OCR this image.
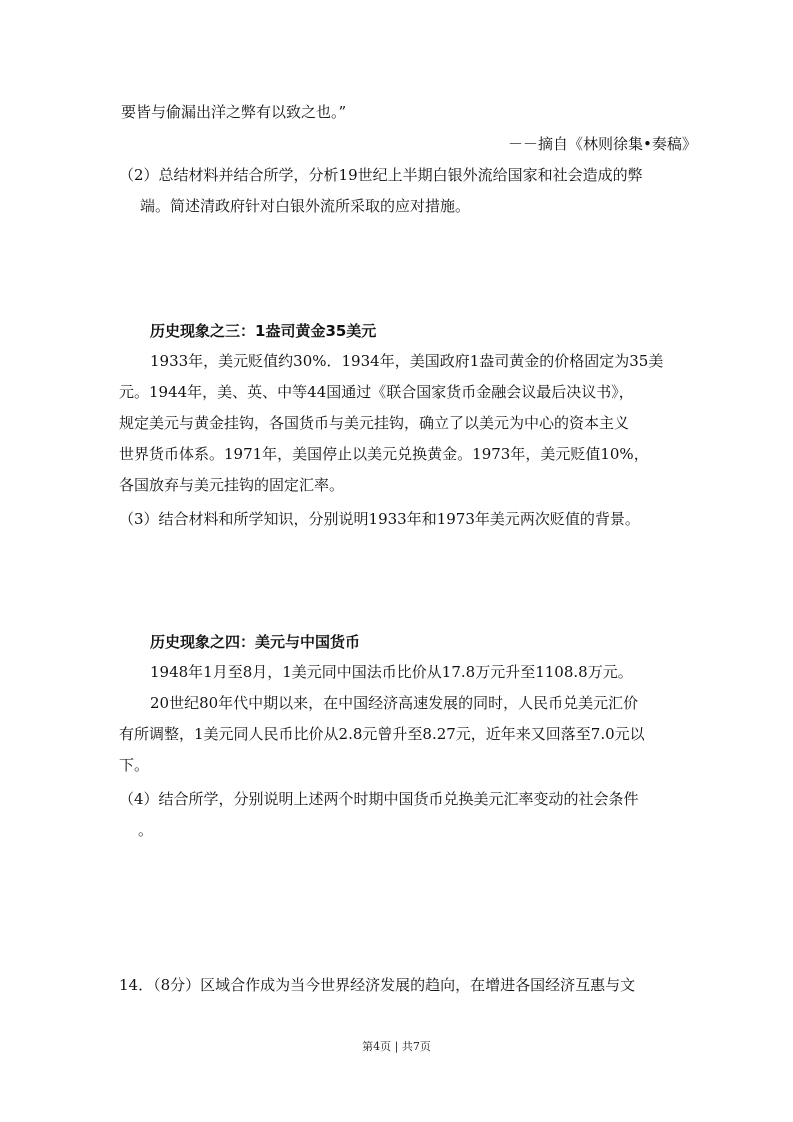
要皆与偷漏出洋之弊有以致之也。”
－－摘自《林则徐集•奏稿》
（2）总结材料并结合所学，分析19世纪上半期白银外流给国家和社会造成的弊
端。简述清政府针对白银外流所采取的应对措施。
历史现象之三：1盎司黄金35美元
1933年，美元贬值约30%．1934年，美国政府1盎司黄金的价格固定为35美
元。1944年，美、英、中等44国通过《联合国家货币金融会议最后决议书》，
规定美元与黄金挂钩，各国货币与美元挂钩，确立了以美元为中心的资本主义
世界货币体系。1971年，美国停止以美元兑换黄金。1973年，美元贬值10%，
各国放弃与美元挂钩的固定汇率。
（3）结合材料和所学知识，分别说明1933年和1973年美元两次贬值的背景。
历史现象之四：美元与中国货币
1948年1月至8月，1美元同中国法币比价从17.8万元升至1108.8万元。
20世纪80年代中期以来，在中国经济高速发展的同时，人民币兑美元汇价
有所调整，1美元同人民币比价从2.8元曾升至8.27元，近年来又回落至7.0元以
下。
（4）结合所学，分别说明上述两个时期中国货币兑换美元汇率变动的社会条件
。
14．（8分）区域合作成为当今世界经济发展的趋向，在增进各国经济互惠与文
第4页 | 共7页
